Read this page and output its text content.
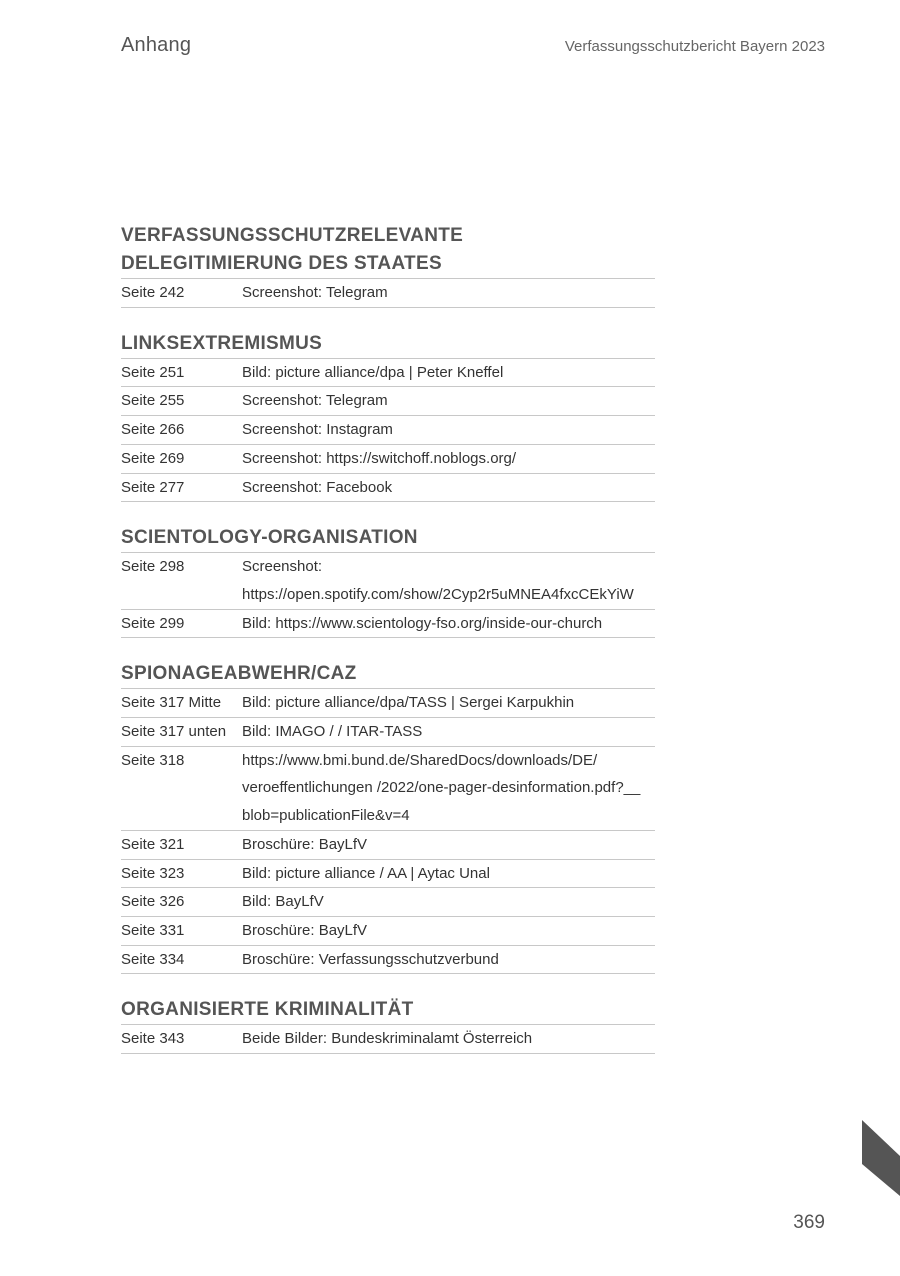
Anhang	Verfassungsschutzbericht Bayern 2023
VERFASSUNGSSCHUTZRELEVANTE
DELEGITIMIERUNG DES STAATES
Seite 242	Screenshot: Telegram
LINKSEXTREMISMUS
Seite 251	Bild: picture alliance/dpa | Peter Kneffel
Seite 255	Screenshot: Telegram
Seite 266	Screenshot: Instagram
Seite 269	Screenshot: https://switchoff.noblogs.org/
Seite 277	Screenshot: Facebook
SCIENTOLOGY-ORGANISATION
Seite 298	Screenshot:
https://open.spotify.com/show/2Cyp2r5uMNEA4fxcCEkYiW
Seite 299	Bild: https://www.scientology-fso.org/inside-our-church
SPIONAGEABWEHR/CAZ
Seite 317 Mitte	Bild: picture alliance/dpa/TASS | Sergei Karpukhin
Seite 317 unten	Bild: IMAGO / / ITAR-TASS
Seite 318	https://www.bmi.bund.de/SharedDocs/downloads/DE/
veroeffentlichungen /2022/one-pager-desinformation.pdf?__
blob=publicationFile&v=4
Seite 321	Broschüre: BayLfV
Seite 323	Bild: picture alliance / AA | Aytac Unal
Seite 326	Bild: BayLfV
Seite 331	Broschüre: BayLfV
Seite 334	Broschüre: Verfassungsschutzverbund
ORGANISIERTE KRIMINALITÄT
Seite 343	Beide Bilder: Bundeskriminalamt Österreich
369
